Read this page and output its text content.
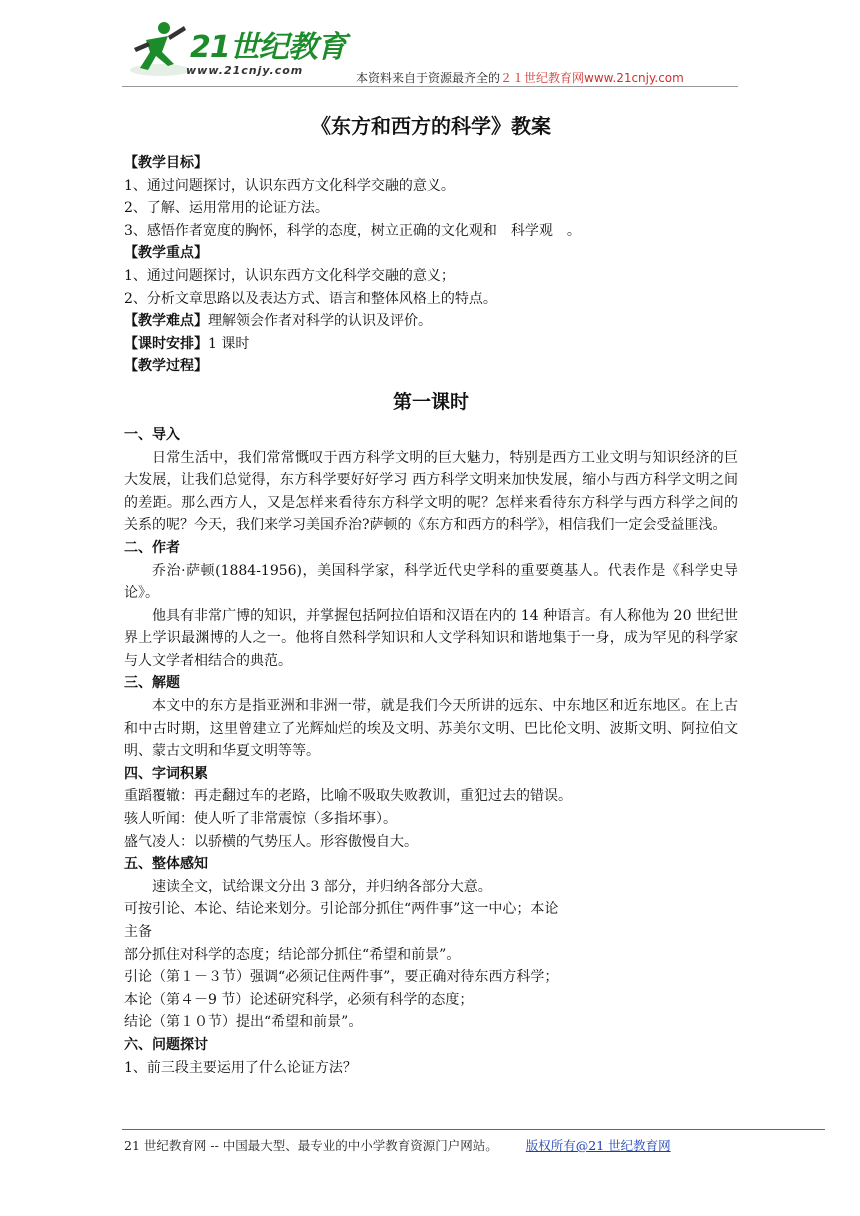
21世纪教育
www.21cnjy.com
本资料来自于资源最齐全的２１世纪教育网www.21cnjy.com
《东方和西方的科学》教案
【教学目标】
1、通过问题探讨，认识东西方文化科学交融的意义。
2、了解、运用常用的论证方法。
3、感悟作者宽度的胸怀，科学的态度，树立正确的文化观和　科学观　。
【教学重点】
1、通过问题探讨，认识东西方文化科学交融的意义；
2、分析文章思路以及表达方式、语言和整体风格上的特点。
【教学难点】理解领会作者对科学的认识及评价。
【课时安排】1 课时
【教学过程】
第一课时
一、导入

日常生活中，我们常常慨叹于西方科学文明的巨大魅力，特别是西方工业文明与知识经济的巨大发展，让我们总觉得，东方科学要好好学习 西方科学文明来加快发展，缩小与西方科学文明之间的差距。那么西方人，又是怎样来看待东方科学文明的呢？怎样来看待东方科学与西方科学之间的关系的呢？今天，我们来学习美国乔治?萨顿的《东方和西方的科学》，相信我们一定会受益匪浅。

二、作者

乔治·萨顿(1884-1956)，美国科学家，科学近代史学科的重要奠基人。代表作是《科学史导论》。

他具有非常广博的知识，并掌握包括阿拉伯语和汉语在内的 14 种语言。有人称他为 20 世纪世界上学识最渊博的人之一。他将自然科学知识和人文学科知识和谐地集于一身，成为罕见的科学家与人文学者相结合的典范。

三、解题

本文中的东方是指亚洲和非洲一带，就是我们今天所讲的远东、中东地区和近东地区。在上古和中古时期，这里曾建立了光辉灿烂的埃及文明、苏美尔文明、巴比伦文明、波斯文明、阿拉伯文明、蒙古文明和华夏文明等等。

四、字词积累
重蹈覆辙：再走翻过车的老路，比喻不吸取失败教训，重犯过去的错误。
骇人听闻：使人听了非常震惊（多指坏事）。
盛气凌人：以骄横的气势压人。形容傲慢自大。
五、整体感知

速读全文，试给课文分出 3 部分，并归纳各部分大意。

可按引论、本论、结论来划分。引论部分抓住“两件事”这一中心；本论
主备
部分抓住对科学的态度；结论部分抓住“希望和前景”。
引论（第１－３节）强调“必须记住两件事”，要正确对待东西方科学；
本论（第４－9 节）论述研究科学，必须有科学的态度；
结论（第１０节）提出“希望和前景”。
六、问题探讨
1、前三段主要运用了什么论证方法？
21 世纪教育网 -- 中国最大型、最专业的中小学教育资源门户网站。 版权所有@21 世纪教育网
